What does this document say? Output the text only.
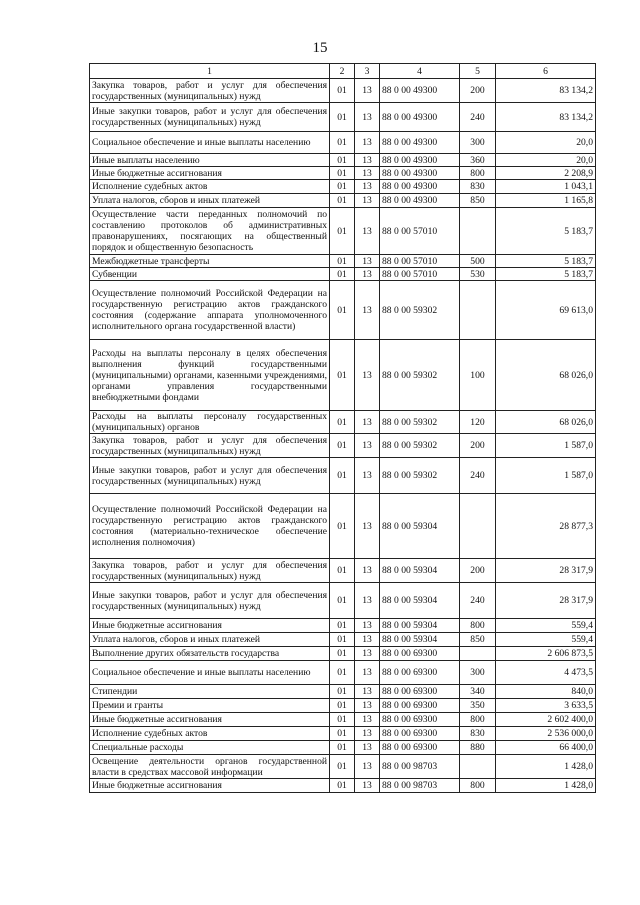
15
1	2	3	4	5	6
Закупка товаров, работ и услуг для обеспечения государственных (муниципальных) нужд	01	13	88 0 00 49300	200	83 134,2
Иные закупки товаров, работ и услуг для обеспечения государственных (муниципальных) нужд	01	13	88 0 00 49300	240	83 134,2
Социальное обеспечение и иные выплаты населению	01	13	88 0 00 49300	300	20,0
Иные выплаты населению	01	13	88 0 00 49300	360	20,0
Иные бюджетные ассигнования	01	13	88 0 00 49300	800	2 208,9
Исполнение судебных актов	01	13	88 0 00 49300	830	1 043,1
Уплата налогов, сборов и иных платежей	01	13	88 0 00 49300	850	1 165,8
Осуществление части переданных полномочий по составлению протоколов об административных правонарушениях, посягающих на общественный порядок и общественную безопасность	01	13	88 0 00 57010		5 183,7
Межбюджетные трансферты	01	13	88 0 00 57010	500	5 183,7
Субвенции	01	13	88 0 00 57010	530	5 183,7
Осуществление полномочий Российской Федерации на государственную регистрацию актов гражданского состояния (содержание аппарата уполномоченного исполнительного органа государственной власти)	01	13	88 0 00 59302		69 613,0
Расходы на выплаты персоналу в целях обеспечения выполнения функций государственными (муниципальными) органами, казенными учреждениями, органами управления государственными внебюджетными фондами	01	13	88 0 00 59302	100	68 026,0
Расходы на выплаты персоналу государственных (муниципальных) органов	01	13	88 0 00 59302	120	68 026,0
Закупка товаров, работ и услуг для обеспечения государственных (муниципальных) нужд	01	13	88 0 00 59302	200	1 587,0
Иные закупки товаров, работ и услуг для обеспечения государственных (муниципальных) нужд	01	13	88 0 00 59302	240	1 587,0
Осуществление полномочий Российской Федерации на государственную регистрацию актов гражданского состояния (материально-техническое обеспечение исполнения полномочия)	01	13	88 0 00 59304		28 877,3
Закупка товаров, работ и услуг для обеспечения государственных (муниципальных) нужд	01	13	88 0 00 59304	200	28 317,9
Иные закупки товаров, работ и услуг для обеспечения государственных (муниципальных) нужд	01	13	88 0 00 59304	240	28 317,9
Иные бюджетные ассигнования	01	13	88 0 00 59304	800	559,4
Уплата налогов, сборов и иных платежей	01	13	88 0 00 59304	850	559,4
Выполнение других обязательств государства	01	13	88 0 00 69300		2 606 873,5
Социальное обеспечение и иные выплаты населению	01	13	88 0 00 69300	300	4 473,5
Стипендии	01	13	88 0 00 69300	340	840,0
Премии и гранты	01	13	88 0 00 69300	350	3 633,5
Иные бюджетные ассигнования	01	13	88 0 00 69300	800	2 602 400,0
Исполнение судебных актов	01	13	88 0 00 69300	830	2 536 000,0
Специальные расходы	01	13	88 0 00 69300	880	66 400,0
Освещение деятельности органов государственной власти в средствах массовой информации	01	13	88 0 00 98703		1 428,0
Иные бюджетные ассигнования	01	13	88 0 00 98703	800	1 428,0
